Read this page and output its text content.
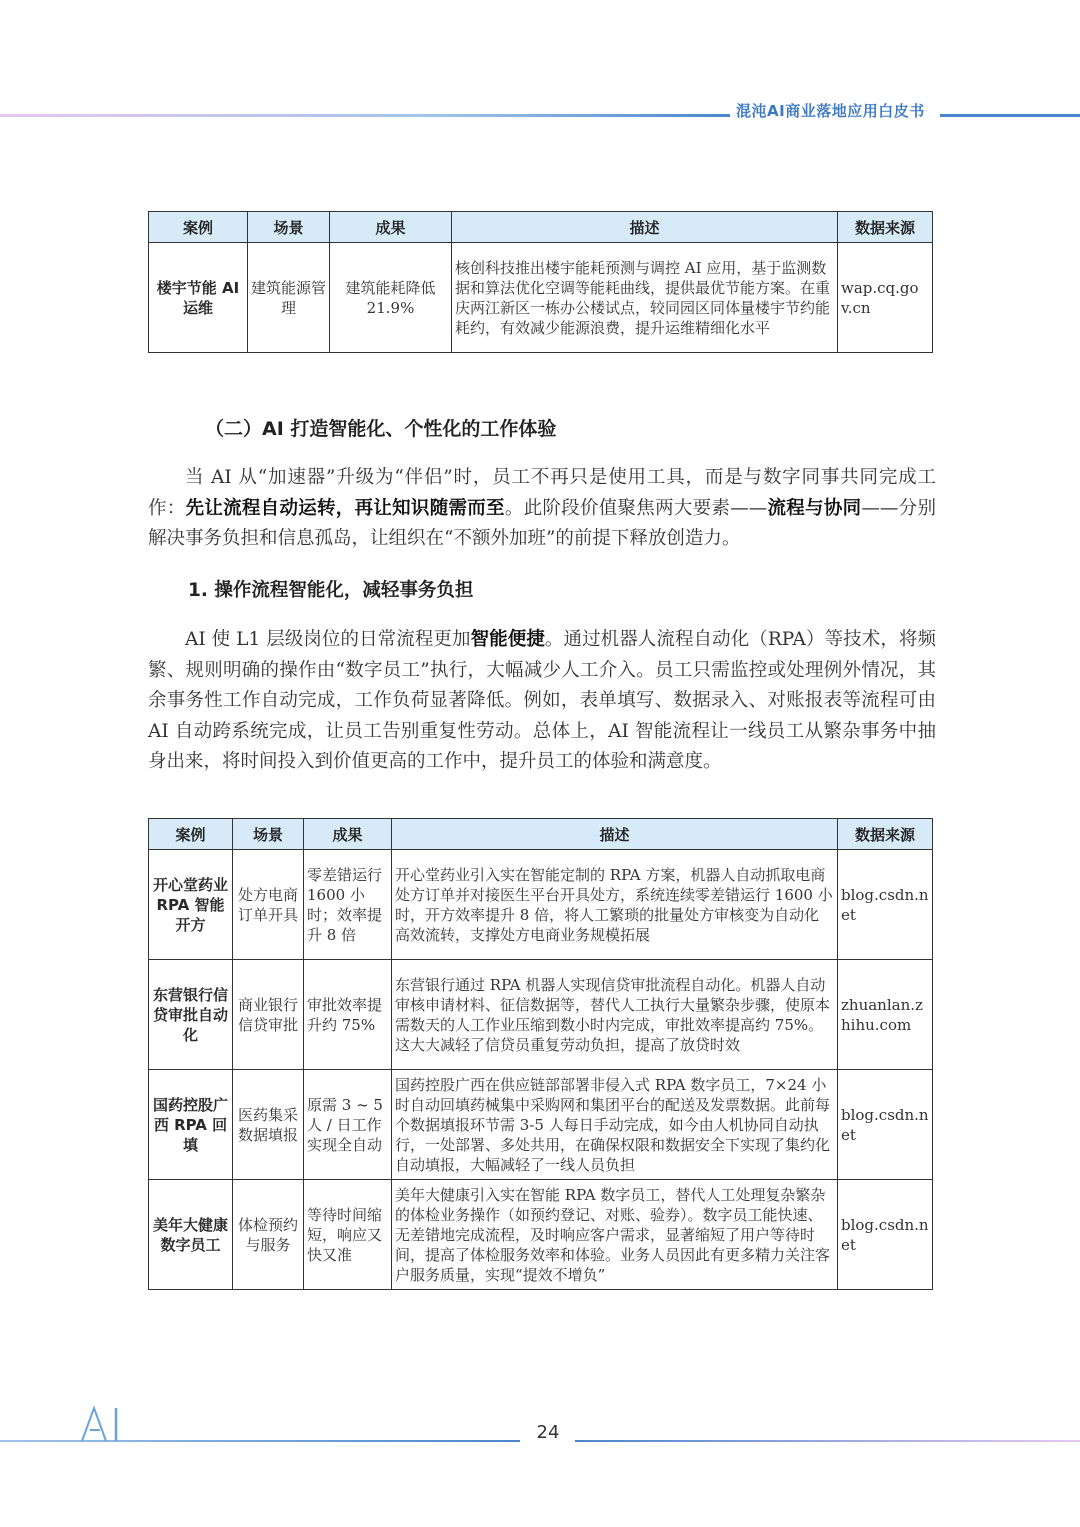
混沌AI商业落地应用白皮书
案例	场景	成果	描述	数据来源
楼宇节能 AI 运维	建筑能源管理	建筑能耗降低21.9%	核创科技推出楼宇能耗预测与调控 AI 应用，基于监测数据和算法优化空调等能耗曲线，提供最优节能方案。在重庆两江新区一栋办公楼试点，较同园区同体量楼宇节约能耗约，有效减少能源浪费，提升运维精细化水平	wap.cq.gov.cn
（二）AI 打造智能化、个性化的工作体验
当 AI 从“加速器”升级为“伴侣”时，员工不再只是使用工具，而是与数字同事共同完成工作：先让流程自动运转，再让知识随需而至。此阶段价值聚焦两大要素——流程与协同——分别解决事务负担和信息孤岛，让组织在“不额外加班”的前提下释放创造力。
1. 操作流程智能化，减轻事务负担
AI 使 L1 层级岗位的日常流程更加智能便捷。通过机器人流程自动化（RPA）等技术，将频繁、规则明确的操作由“数字员工”执行，大幅减少人工介入。员工只需监控或处理例外情况，其余事务性工作自动完成，工作负荷显著降低。例如，表单填写、数据录入、对账报表等流程可由 AI 自动跨系统完成，让员工告别重复性劳动。总体上，AI 智能流程让一线员工从繁杂事务中抽身出来，将时间投入到价值更高的工作中，提升员工的体验和满意度。
案例	场景	成果	描述	数据来源
开心堂药业 RPA 智能开方	处方电商订单开具	零差错运行 1600 小时；效率提升 8 倍	开心堂药业引入实在智能定制的 RPA 方案，机器人自动抓取电商处方订单并对接医生平台开具处方，系统连续零差错运行 1600 小时，开方效率提升 8 倍，将人工繁琐的批量处方审核变为自动化高效流转，支撑处方电商业务规模拓展	blog.csdn.net
东营银行信贷审批自动化	商业银行信贷审批	审批效率提升约 75%	东营银行通过 RPA 机器人实现信贷审批流程自动化。机器人自动审核申请材料、征信数据等，替代人工执行大量繁杂步骤，使原本需数天的人工作业压缩到数小时内完成，审批效率提高约 75%。这大大减轻了信贷员重复劳动负担，提高了放贷时效	zhuanlan.zhihu.com
国药控股广西 RPA 回填	医药集采数据填报	原需 3 ~ 5 人 / 日工作实现全自动	国药控股广西在供应链部部署非侵入式 RPA 数字员工，7×24 小时自动回填药械集中采购网和集团平台的配送及发票数据。此前每个数据填报环节需 3-5 人每日手动完成，如今由人机协同自动执行，一处部署、多处共用，在确保权限和数据安全下实现了集约化自动填报，大幅减轻了一线人员负担	blog.csdn.net
美年大健康数字员工	体检预约与服务	等待时间缩短，响应又快又准	美年大健康引入实在智能 RPA 数字员工，替代人工处理复杂繁杂的体检业务操作（如预约登记、对账、验券）。数字员工能快速、无差错地完成流程，及时响应客户需求，显著缩短了用户等待时间，提高了体检服务效率和体验。业务人员因此有更多精力关注客户服务质量，实现“提效不增负”	blog.csdn.net
24
